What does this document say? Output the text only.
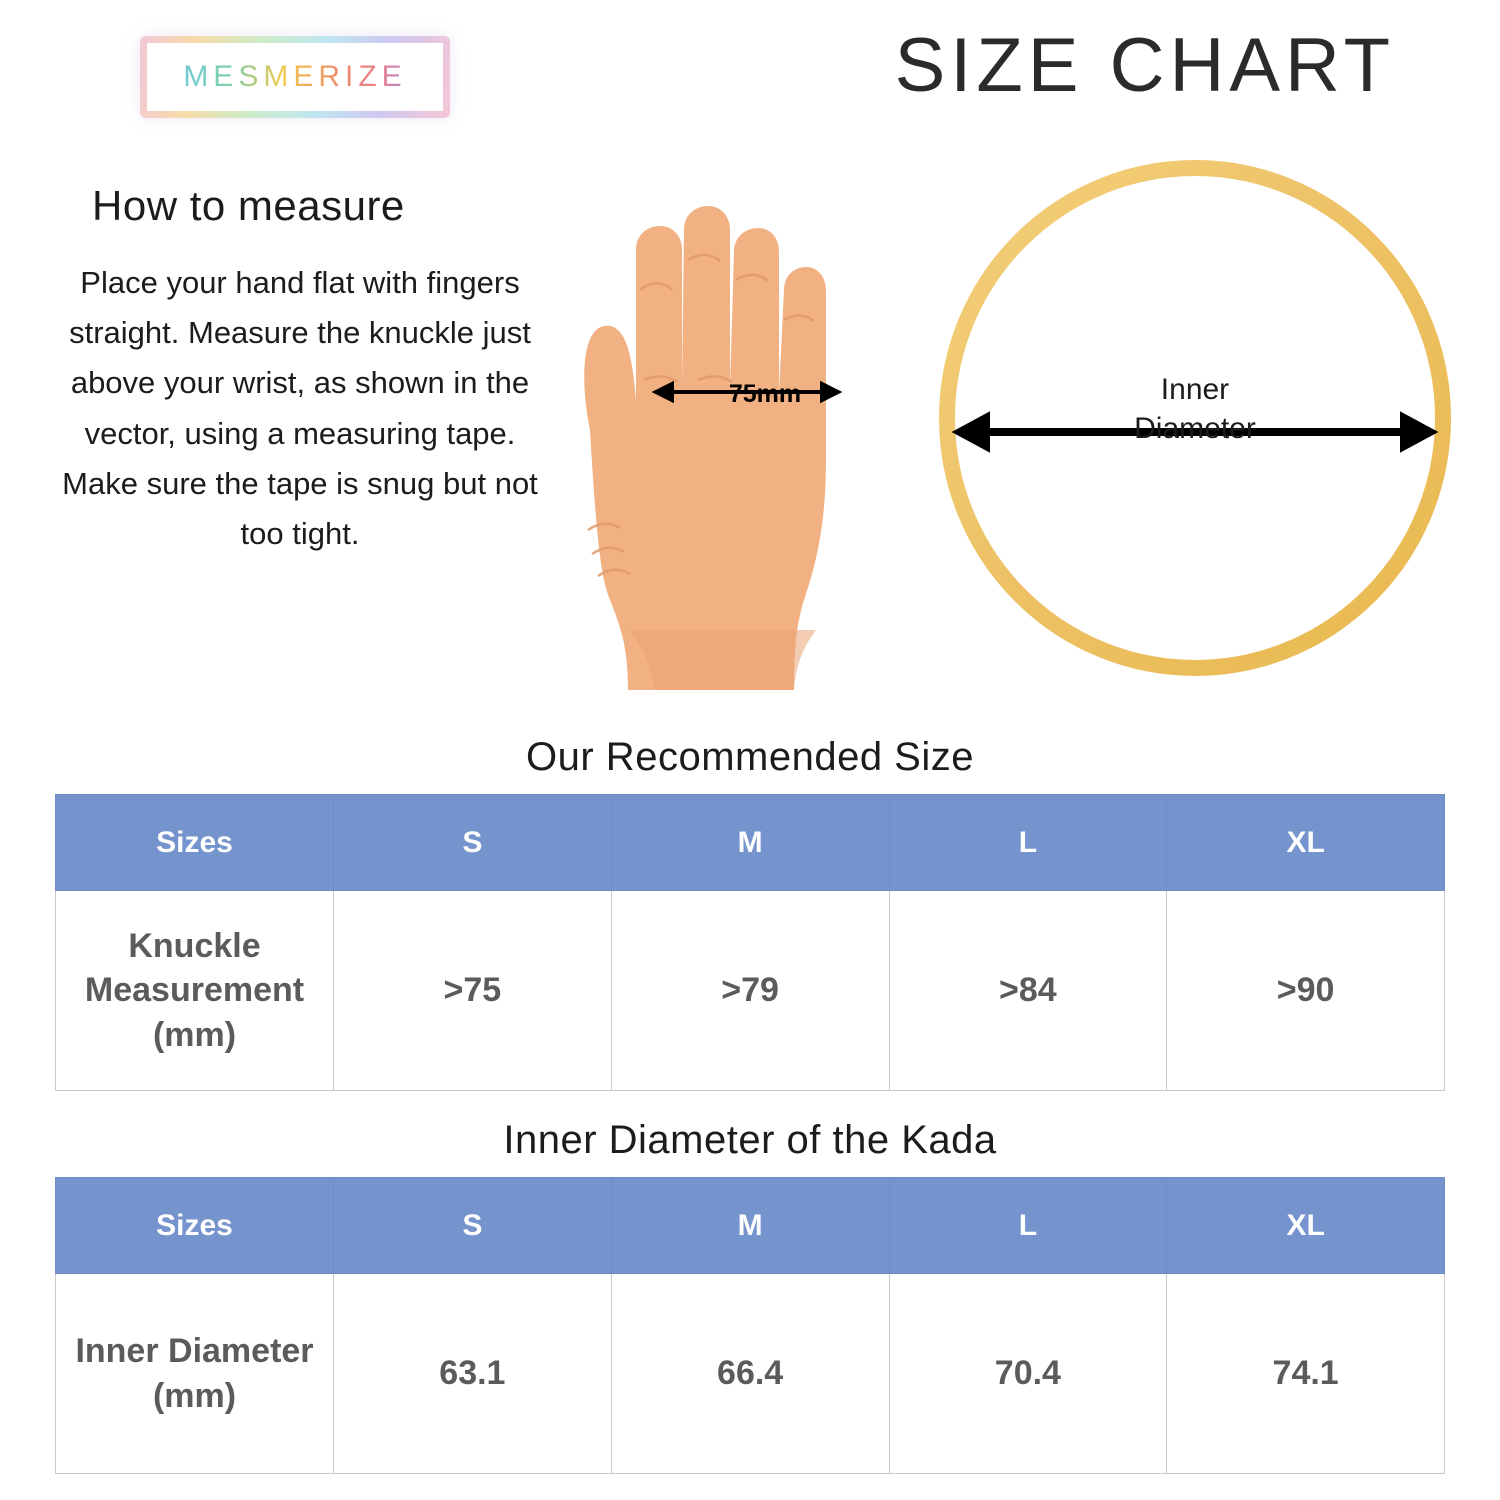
MESMERIZE	SIZE CHART
How to measure
Place your hand flat with fingers straight. Measure the knuckle just above your wrist, as shown in the vector, using a measuring tape. Make sure the tape is snug but not too tight.
75mm	Inner
Diameter
Our Recommended Size
Sizes	S	M	L	XL
Knuckle Measurement (mm)	>75	>79	>84	>90
Inner Diameter of the Kada
Sizes	S	M	L	XL
Inner Diameter (mm)	63.1	66.4	70.4	74.1
